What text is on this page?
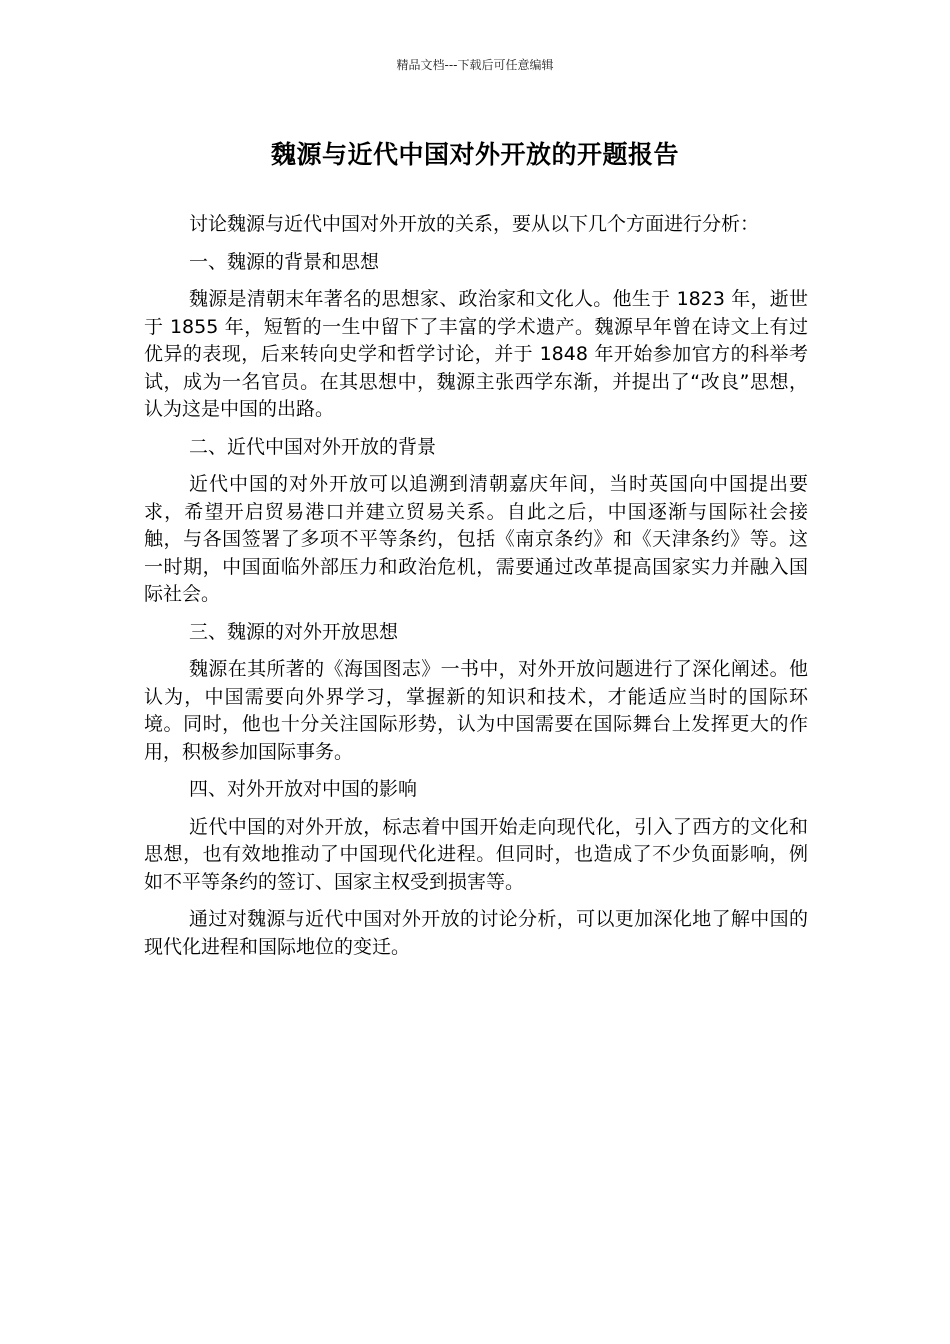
精品文档---下载后可任意编辑
魏源与近代中国对外开放的开题报告

讨论魏源与近代中国对外开放的关系，要从以下几个方面进行分析：

一、魏源的背景和思想

魏源是清朝末年著名的思想家、政治家和文化人。他生于 1823 年，逝世于 1855 年，短暂的一生中留下了丰富的学术遗产。魏源早年曾在诗文上有过优异的表现，后来转向史学和哲学讨论，并于 1848 年开始参加官方的科举考试，成为一名官员。在其思想中，魏源主张西学东渐，并提出了“改良”思想，认为这是中国的出路。

二、近代中国对外开放的背景

近代中国的对外开放可以追溯到清朝嘉庆年间，当时英国向中国提出要求，希望开启贸易港口并建立贸易关系。自此之后，中国逐渐与国际社会接触，与各国签署了多项不平等条约，包括《南京条约》和《天津条约》等。这一时期，中国面临外部压力和政治危机，需要通过改革提高国家实力并融入国际社会。

三、魏源的对外开放思想

魏源在其所著的《海国图志》一书中，对外开放问题进行了深化阐述。他认为，中国需要向外界学习，掌握新的知识和技术，才能适应当时的国际环境。同时，他也十分关注国际形势，认为中国需要在国际舞台上发挥更大的作用，积极参加国际事务。

四、对外开放对中国的影响

近代中国的对外开放，标志着中国开始走向现代化，引入了西方的文化和思想，也有效地推动了中国现代化进程。但同时，也造成了不少负面影响，例如不平等条约的签订、国家主权受到损害等。

通过对魏源与近代中国对外开放的讨论分析，可以更加深化地了解中国的现代化进程和国际地位的变迁。
